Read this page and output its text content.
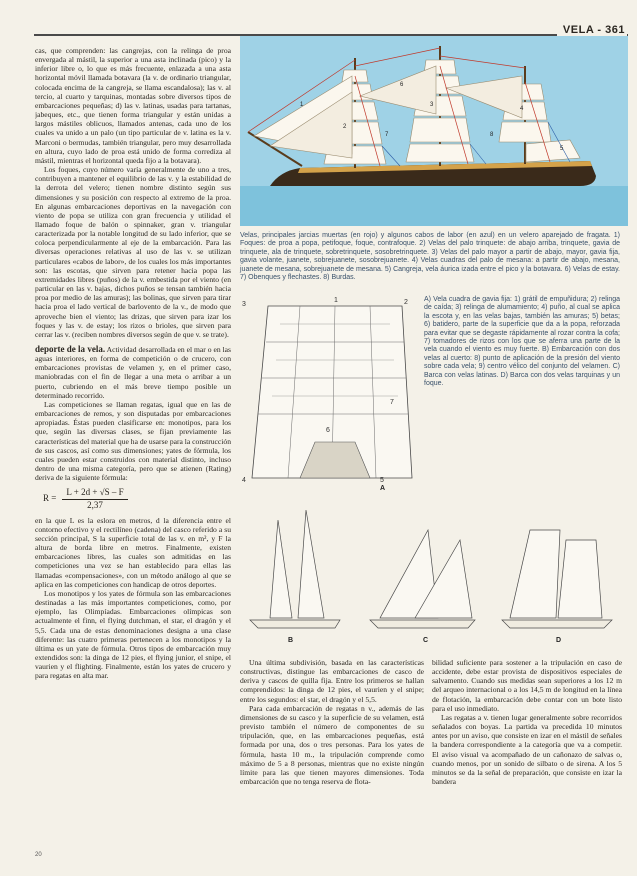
VELA - 361

cas, que comprenden: las cangrejas, con la relinga de proa envergada al mástil, la superior a una asta inclinada (pico) y la inferior libre o, lo que es más frecuente, enlazada a una asta horizontal móvil llamada botavara (la v. de ordinario triangular, colocada encima de la cangreja, se llama escandalosa); las v. al tercio, al cuarto y tarquinas, montadas sobre diversos tipos de embarcaciones pequeñas; d) las v. latinas, usadas para tartanas, jabeques, etc., que tienen forma triangular y están unidas a largos mástiles oblicuos, llamados antenas, cada uno de los cuales va unido a un palo (un tipo particular de v. latina es la v. Marconi o bermudas, también triangular, pero muy desarrollada en altura, cuyo lado de proa está unido de forma corrediza al mástil, mientras el horizontal queda fijo a la botavara).

Los foques, cuyo número varía generalmente de uno a tres, contribuyen a mantener el equilibrio de las v. y la estabilidad de la derrota del velero; tienen nombre distinto según sus dimensiones y su posición con respecto al extremo de la proa. En algunas embarcaciones deportivas en la navegación con viento de popa se utiliza con gran frecuencia y utilidad el llamado foque de balón o spinnaker, gran v. triangular caracterizada por la notable longitud de su lado inferior, que se coloca perpendicularmente al eje de la embarcación. Para las diversas operaciones relativas al uso de las v. se utilizan particulares «cabos de labor», de los cuales los más importantes son: las escotas, que sirven para retener hacia popa las extremidades libres (puños) de la v. embestida por el viento (en particular en las v. bajas, dichos puños se tensan también hacia proa por medio de las amuras); las bolinas, que sirven para tirar hacia proa el lado vertical de barlovento de la v., de modo que aproveche bien el viento; las drizas, que sirven para izar los foques y las v. de estay; los rizos o brioles, que sirven para cerrar las v. (reciben nombres diversos según de que v. se trate).

deporte de la vela. Actividad desarrollada en el mar o en las aguas interiores, en forma de competición o de crucero, con embarcaciones provistas de velamen y, en el primer caso, maniobradas con el fin de llegar a una meta o arribar a un puerto, cubriendo en el más breve tiempo posible un determinado recorrido.

Las competiciones se llaman regatas, igual que en las de embarcaciones de remos, y son disputadas por embarcaciones apropiadas. Éstas pueden clasificarse en: monotipos, para los que, según las diversas clases, se fijan previamente las características del material que ha de usarse para la construcción de sus cascos, así como sus dimensiones; yates de fórmula, los cuales pueden estar construidos con material distinto, incluso dentro de una misma categoría, pero que se atienen (Rating) deriva de la siguiente fórmula:

$R = \frac{L + 2d + √S - F}{2,37}$

en la que L es la eslora en metros, d la diferencia entre el contorno efectivo y el rectilíneo (cadena) del casco referido a su sección principal, S la superficie total de las v. en m², y F la altura de borda libre en metros. Finalmente, existen embarcaciones libres, las cuales son admitidas en las competiciones una vez se han establecido para ellas las llamadas «compensaciones», con un método análogo al que se aplica en las competiciones con handicap de otros deportes.

Los monotipos y los yates de fórmula son las embarcaciones destinadas a las más importantes competiciones, como, por ejemplo, las Olimpíadas. Embarcaciones olímpicas son actualmente el finn, el flying dutchman, el star, el dragón y el 5,5. Cada una de estas denominaciones designa a una clase diferente: las cuatro primeras pertenecen a los monotipos y la última es un yate de fórmula. Otros tipos de embarcación muy extendidos son: la dinga de 12 pies, el flying junior, el snipe, el vaurien y el flighting. Finalmente, están los yates de crucero y para regatas en alta mar.

1
2
3
4
5
6
7	8
Velas, principales jarcias muertas (en rojo) y algunos cabos de labor (en azul) en un velero aparejado de fragata. 1) Foques: de proa a popa, petifoque, foque, contrafoque. 2) Velas del palo trinquete: de abajo arriba, trinquete, gavia de trinquete, ala de trinquete, sobretrinquete, sosobretrinquete. 3) Velas del palo mayor a partir de abajo, mayor, gavia fija, gavia volante, juanete, sobrejuanete, sosobrejuanete. 4) Velas cuadras del palo de mesana: a partir de abajo, mesana, juanete de mesana, sobrejuanete de mesana. 5) Cangreja, vela áurica izada entre el pico y la botavara. 6) Velas de estay. 7) Obenques y flechastes. 8) Burdas.
3
1	2
4
6
7
5
A
A) Vela cuadra de gavia fija: 1) grátil de empuñidura; 2) relinga de caída; 3) relinga de alumamiento; 4) puño, al cual se aplica la escota y, en las velas bajas, también las amuras; 5) betas; 6) batidero, parte de la superficie que da a la popa, reforzada para evitar que se degaste rápidamente al rozar contra la cofa; 7) tomadores de rizos con los que se aferra una parte de la vela cuando el viento es muy fuerte. B) Embarcación con dos velas al cuerto: 8) punto de aplicación de la presión del viento sobre cada vela; 9) centro vélico del conjunto del velamen. C) Barca con velas latinas. D) Barca con dos velas tarquinas y un foque.
B	C	D

Una última subdivisión, basada en las características constructivas, distingue las embarcaciones de casco de deriva y cascos de quilla fija. Entre los primeros se hallan comprendidos: la dinga de 12 pies, el vaurien y el snipe; entre los segundos: el star, el dragón y el 5,5.

Para cada embarcación de regatas n v., además de las dimensiones de su casco y la superficie de su velamen, está previsto también el número de componentes de su tripulación, que, en las embarcaciones pequeñas, está formada por una, dos o tres personas. Para los yates de fórmula, hasta 10 m., la tripulación comprende como máximo de 5 a 8 personas, mientras que no existe ningún límite para las que tienen mayores dimensiones. Toda embarcación que no tenga reserva de flota-

bilidad suficiente para sostener a la tripulación en caso de accidente, debe estar provista de dispositivos especiales de salvamento. Cuando sus medidas sean superiores a los 12 m del arqueo internacional o a los 14,5 m de longitud en la línea de flotación, la embarcación debe contar con un bote listo para el uso inmediato.

Las regatas a v. tienen lugar generalmente sobre recorridos señalados con boyas. La partida va precedida 10 minutos antes por un aviso, que consiste en izar en el mástil de señales la bandera correspondiente a la categoría que va a competir. El aviso visual va acompañado de un cañonazo de salvas o, cuando menos, por un sonido de silbato o de sirena. A los 5 minutos se da la señal de preparación, que consiste en izar la bandera

20
